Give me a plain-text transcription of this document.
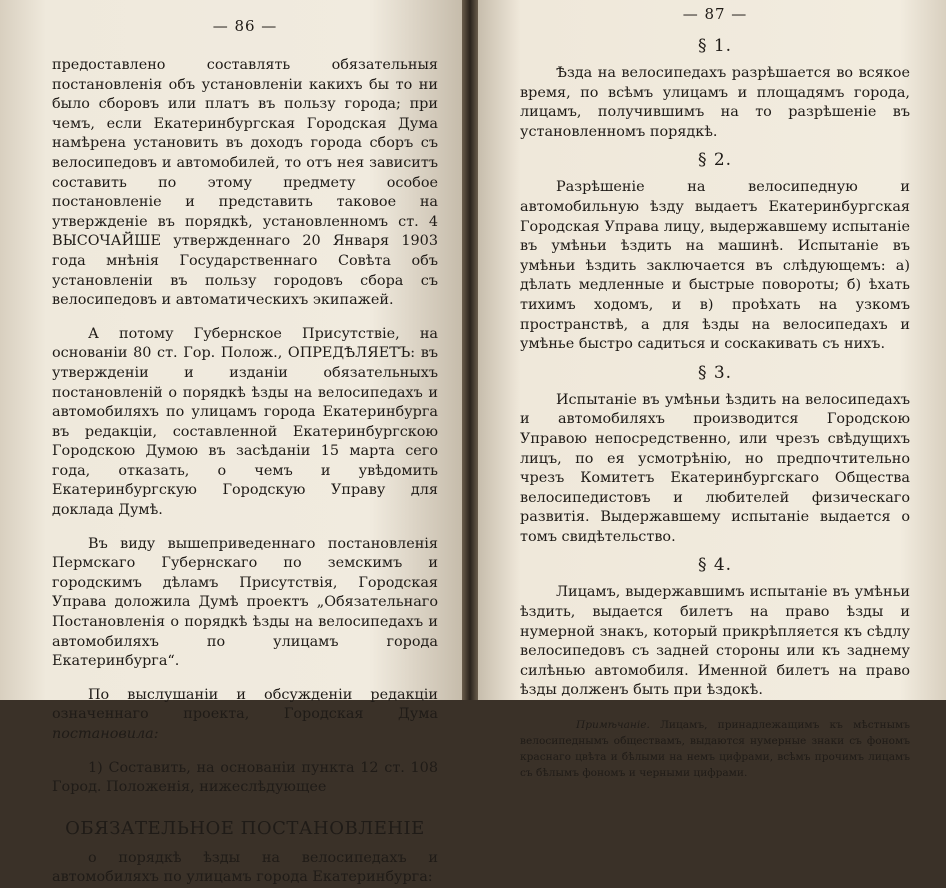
— 86 —

предоставлено составлять обязательныя постановленія объ установленіи какихъ бы то ни было сборовъ или платъ въ пользу города; при чемъ, если Екатеринбургская Городская Дума намѣрена установить въ доходъ города сборъ съ велосипедовъ и автомобилей, то отъ нея зависитъ составить по этому предмету особое постановленіе и представить таковое на утвержденіе въ порядкѣ, установленномъ ст. 4 ВЫСОЧАЙШЕ утвержденнаго 20 Января 1903 года мнѣнія Государственнаго Совѣта объ установленіи въ пользу городовъ сбора съ велосипедовъ и автоматическихъ экипажей.

А потому Губернское Присутствіе, на основаніи 80 ст. Гор. Полож., ОПРЕДѢЛЯЕТЪ: въ утвержденіи и изданіи обязательныхъ постановленій о порядкѣ ѣзды на велосипедахъ и автомобиляхъ по улицамъ города Екатеринбурга въ редакціи, составленной Екатеринбургскою Городскою Думою въ засѣданіи 15 марта сего года, отказать, о чемъ и увѣдомить Екатеринбургскую Городскую Управу для доклада Думѣ.

Въ виду вышеприведеннаго постановленія Пермскаго Губернскаго по земскимъ и городскимъ дѣламъ Присутствія, Городская Управа доложила Думѣ проектъ „Обязательнаго Постановленія о порядкѣ ѣзды на велосипедахъ и автомобиляхъ по улицамъ города Екатеринбурга“.

По выслушаніи и обсужденіи редакціи означеннаго проекта, Городская Дума постановила:

1) Составить, на основаніи пункта 12 ст. 108 Город. Положенія, нижеслѣдующее

ОБЯЗАТЕЛЬНОЕ ПОСТАНОВЛЕНІЕ

о порядкѣ ѣзды на велосипедахъ и автомобиляхъ по улицамъ города Екатеринбурга:

— 87 —
§ 1.

Ѣзда на велосипедахъ разрѣшается во всякое время, по всѣмъ улицамъ и площадямъ города, лицамъ, получившимъ на то разрѣшеніе въ установленномъ порядкѣ.

§ 2.

Разрѣшеніе на велосипедную и автомобильную ѣзду выдаетъ Екатеринбургская Городская Управа лицу, выдержавшему испытаніе въ умѣньи ѣздить на машинѣ. Испытаніе въ умѣньи ѣздить заключается въ слѣдующемъ: а) дѣлать медленные и быстрые повороты; б) ѣхать тихимъ ходомъ, и в) проѣхать на узкомъ пространствѣ, а для ѣзды на велосипедахъ и умѣнье быстро садиться и соскакивать съ нихъ.

§ 3.

Испытаніе въ умѣньи ѣздить на велосипедахъ и автомобиляхъ производится Городскою Управою непосредственно, или чрезъ свѣдущихъ лицъ, по ея усмотрѣнію, но предпочтительно чрезъ Комитетъ Екатеринбургскаго Общества велосипедистовъ и любителей физическаго развитія. Выдержавшему испытаніе выдается о томъ свидѣтельство.

§ 4.

Лицамъ, выдержавшимъ испытаніе въ умѣньи ѣздить, выдается билетъ на право ѣзды и нумерной знакъ, который прикрѣпляется къ сѣдлу велосипедовъ съ задней стороны или къ заднему силѣнью автомобиля. Именной билетъ на право ѣзды долженъ быть при ѣздокѣ.

Примѣчаніе. Лицамъ, принадлежащимъ къ мѣстнымъ велосипеднымъ обществамъ, выдаются нумерные знаки съ фономъ краснаго цвѣта и бѣлыми на немъ цифрами, всѣмъ прочимъ лицамъ съ бѣлымъ фономъ и черными цифрами.
